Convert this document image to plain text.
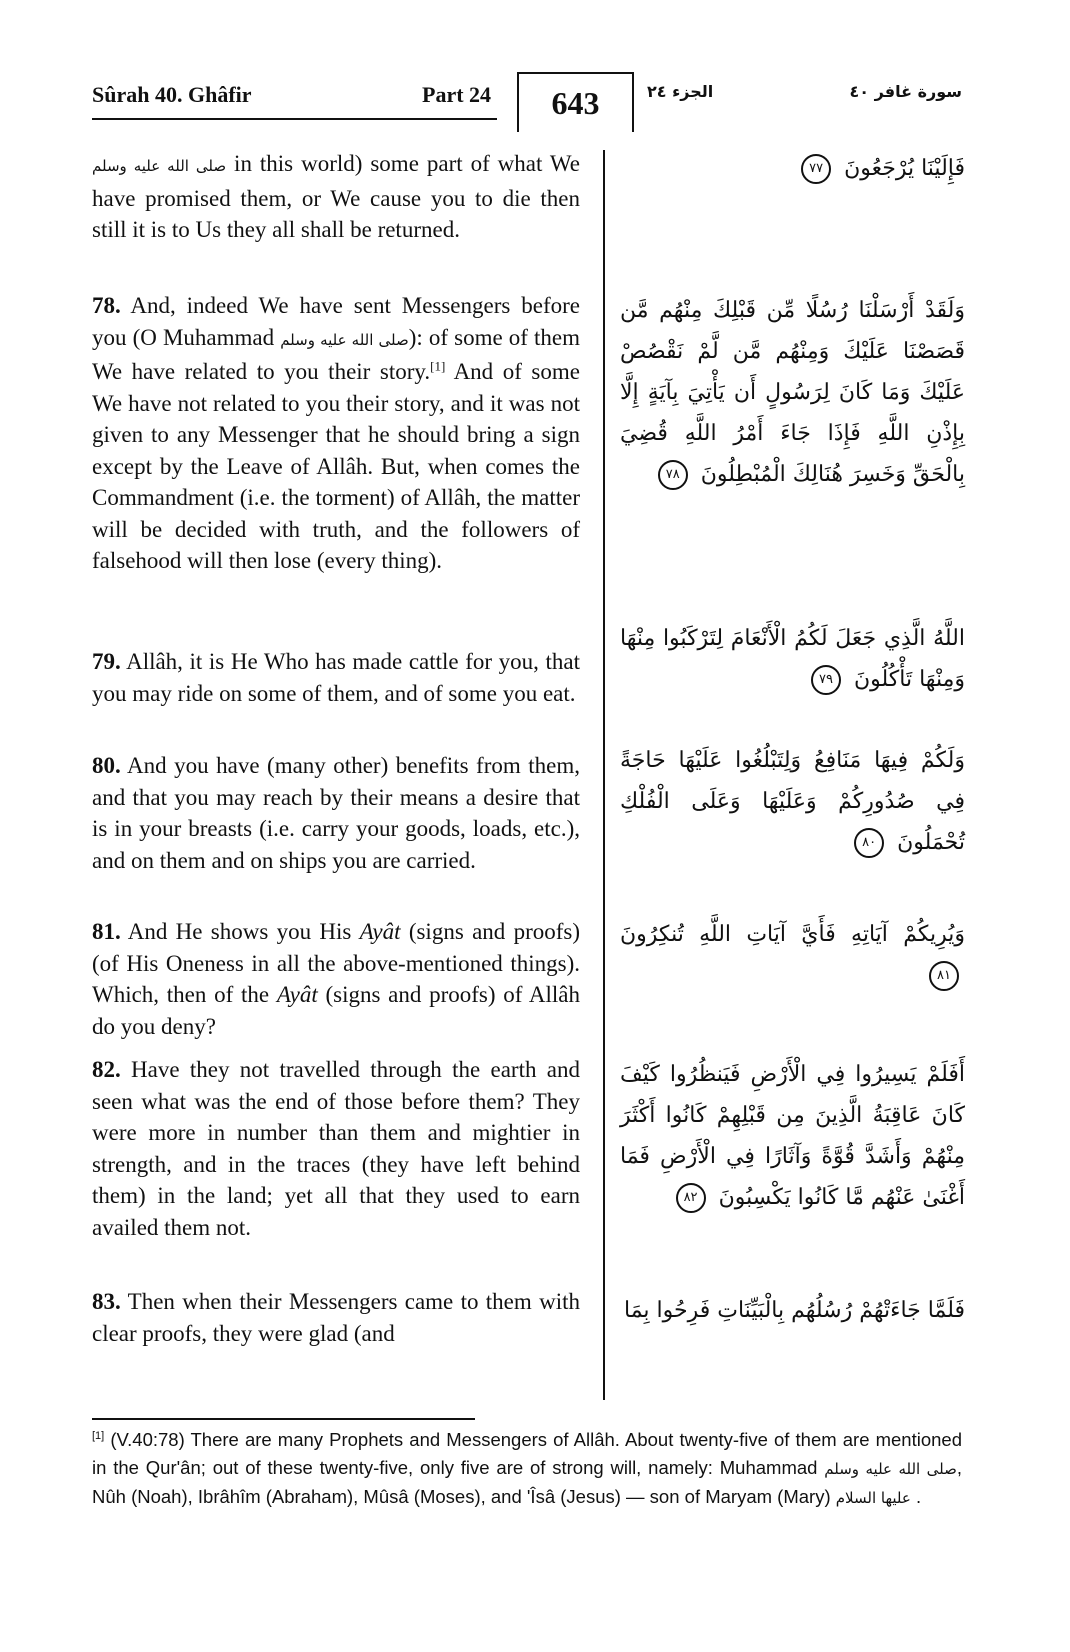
Sûrah 40. Ghâfir	Part 24	643	الجزء ٢٤	سورة غافر ٤٠
صلى الله عليه وسلم in this world) some part of what We have promised them, or We cause you to die then still it is to Us they all shall be returned.
78. And, indeed We have sent Messengers before you (O Muhammad صلى الله عليه وسلم): of some of them We have related to you their story.[1] And of some We have not related to you their story, and it was not given to any Messenger that he should bring a sign except by the Leave of Allâh. But, when comes the Commandment (i.e. the torment) of Allâh, the matter will be decided with truth, and the followers of falsehood will then lose (every thing).
79. Allâh, it is He Who has made cattle for you, that you may ride on some of them, and of some you eat.
80. And you have (many other) benefits from them, and that you may reach by their means a desire that is in your breasts (i.e. carry your goods, loads, etc.), and on them and on ships you are carried.
81. And He shows you His Ayât (signs and proofs) (of His Oneness in all the above-mentioned things). Which, then of the Ayât (signs and proofs) of Allâh do you deny?
82. Have they not travelled through the earth and seen what was the end of those before them? They were more in number than them and mightier in strength, and in the traces (they have left behind them) in the land; yet all that they used to earn availed them not.
83. Then when their Messengers came to them with clear proofs, they were glad (and
فَإِلَيْنَا يُرْجَعُونَ ٧٧
وَلَقَدْ أَرْسَلْنَا رُسُلًا مِّن قَبْلِكَ مِنْهُم مَّن قَصَصْنَا عَلَيْكَ وَمِنْهُم مَّن لَّمْ نَقْصُصْ عَلَيْكَ وَمَا كَانَ لِرَسُولٍ أَن يَأْتِيَ بِآيَةٍ إِلَّا بِإِذْنِ اللَّهِ فَإِذَا جَاءَ أَمْرُ اللَّهِ قُضِيَ بِالْحَقِّ وَخَسِرَ هُنَالِكَ الْمُبْطِلُونَ ٧٨
اللَّهُ الَّذِي جَعَلَ لَكُمُ الْأَنْعَامَ لِتَرْكَبُوا مِنْهَا وَمِنْهَا تَأْكُلُونَ ٧٩
وَلَكُمْ فِيهَا مَنَافِعُ وَلِتَبْلُغُوا عَلَيْهَا حَاجَةً فِي صُدُورِكُمْ وَعَلَيْهَا وَعَلَى الْفُلْكِ تُحْمَلُونَ ٨٠
وَيُرِيكُمْ آيَاتِهِ فَأَيَّ آيَاتِ اللَّهِ تُنكِرُونَ ٨١
أَفَلَمْ يَسِيرُوا فِي الْأَرْضِ فَيَنظُرُوا كَيْفَ كَانَ عَاقِبَةُ الَّذِينَ مِن قَبْلِهِمْ كَانُوا أَكْثَرَ مِنْهُمْ وَأَشَدَّ قُوَّةً وَآثَارًا فِي الْأَرْضِ فَمَا أَغْنَىٰ عَنْهُم مَّا كَانُوا يَكْسِبُونَ ٨٢
فَلَمَّا جَاءَتْهُمْ رُسُلُهُم بِالْبَيِّنَاتِ فَرِحُوا بِمَا
[1] (V.40:78) There are many Prophets and Messengers of Allâh. About twenty-five of them are mentioned in the Qur'ân; out of these twenty-five, only five are of strong will, namely: Muhammad صلى الله عليه وسلم, Nûh (Noah), Ibrâhîm (Abraham), Mûsâ (Moses), and 'Îsâ (Jesus) — son of Maryam (Mary) عليها السلام .
